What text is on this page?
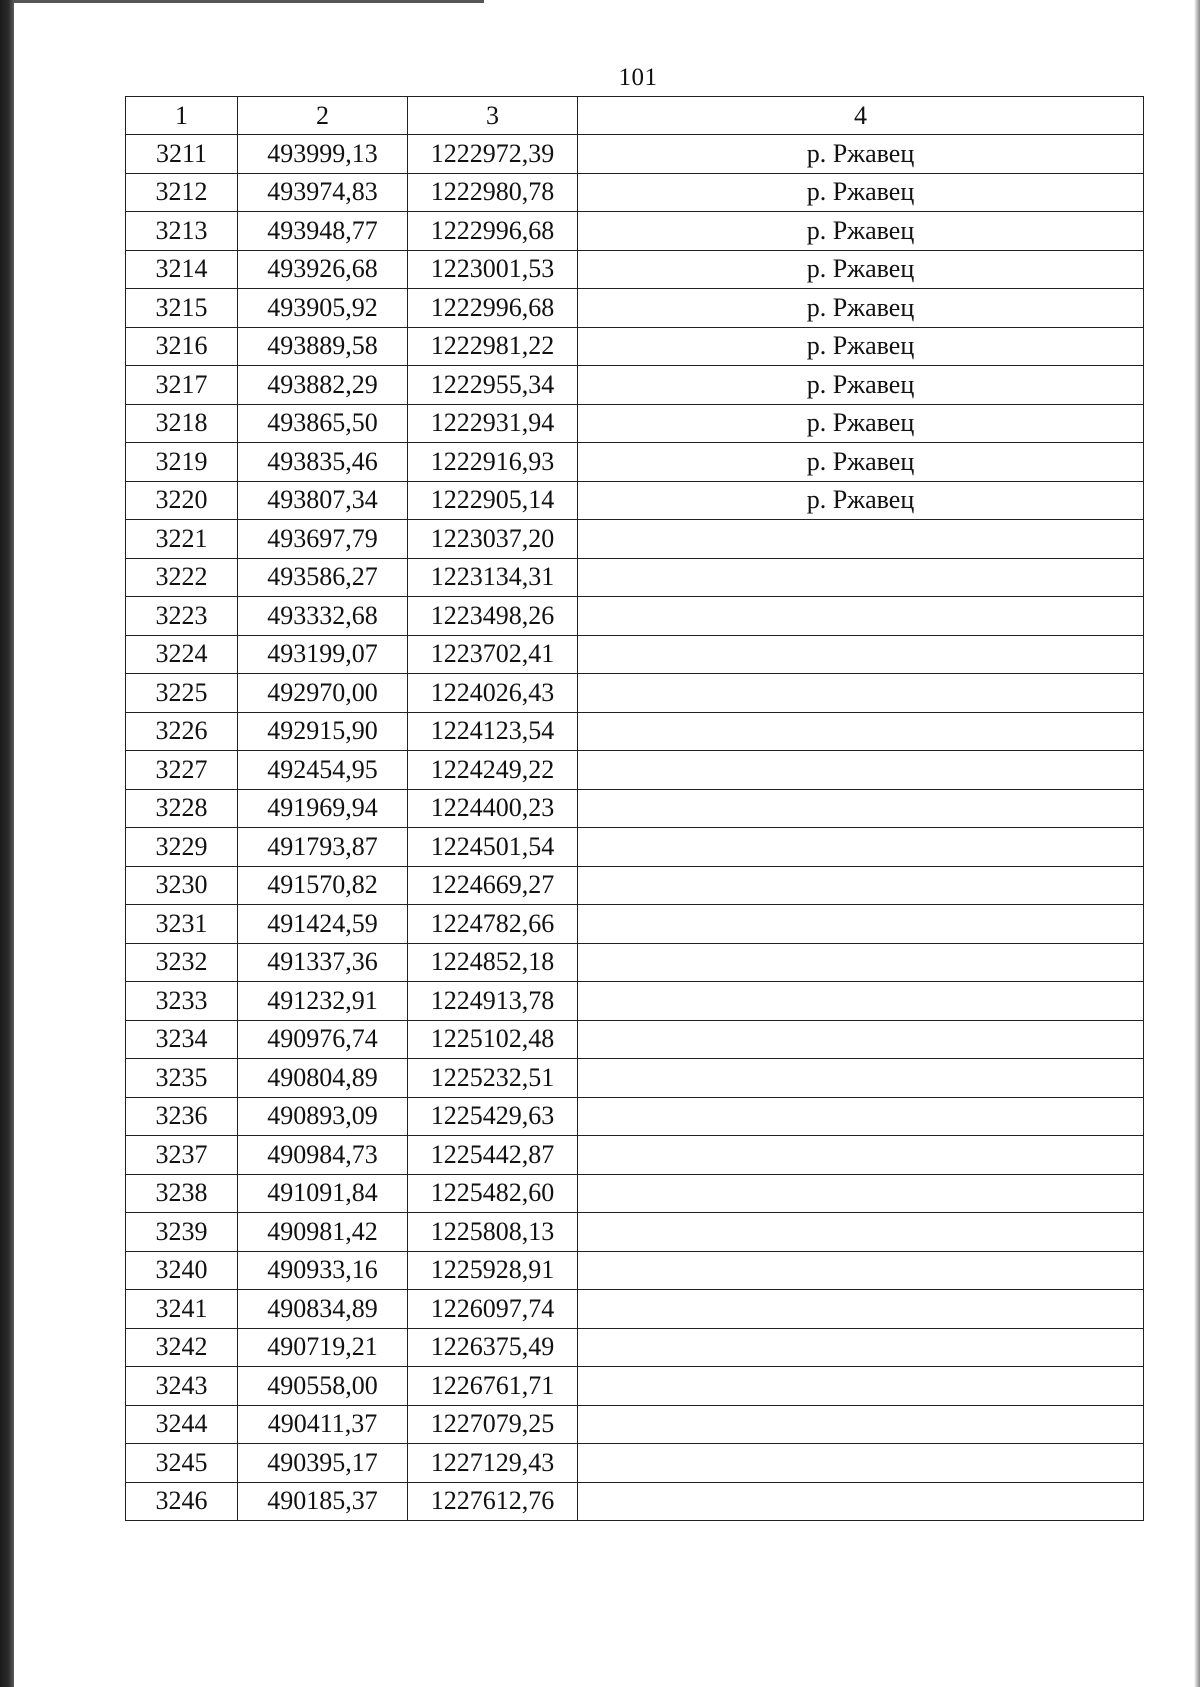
101
1	2	3	4
3211	493999,13	1222972,39	р. Ржавец
3212	493974,83	1222980,78	р. Ржавец
3213	493948,77	1222996,68	р. Ржавец
3214	493926,68	1223001,53	р. Ржавец
3215	493905,92	1222996,68	р. Ржавец
3216	493889,58	1222981,22	р. Ржавец
3217	493882,29	1222955,34	р. Ржавец
3218	493865,50	1222931,94	р. Ржавец
3219	493835,46	1222916,93	р. Ржавец
3220	493807,34	1222905,14	р. Ржавец
3221	493697,79	1223037,20	
3222	493586,27	1223134,31	
3223	493332,68	1223498,26	
3224	493199,07	1223702,41	
3225	492970,00	1224026,43	
3226	492915,90	1224123,54	
3227	492454,95	1224249,22	
3228	491969,94	1224400,23	
3229	491793,87	1224501,54	
3230	491570,82	1224669,27	
3231	491424,59	1224782,66	
3232	491337,36	1224852,18	
3233	491232,91	1224913,78	
3234	490976,74	1225102,48	
3235	490804,89	1225232,51	
3236	490893,09	1225429,63	
3237	490984,73	1225442,87	
3238	491091,84	1225482,60	
3239	490981,42	1225808,13	
3240	490933,16	1225928,91	
3241	490834,89	1226097,74	
3242	490719,21	1226375,49	
3243	490558,00	1226761,71	
3244	490411,37	1227079,25	
3245	490395,17	1227129,43	
3246	490185,37	1227612,76	
